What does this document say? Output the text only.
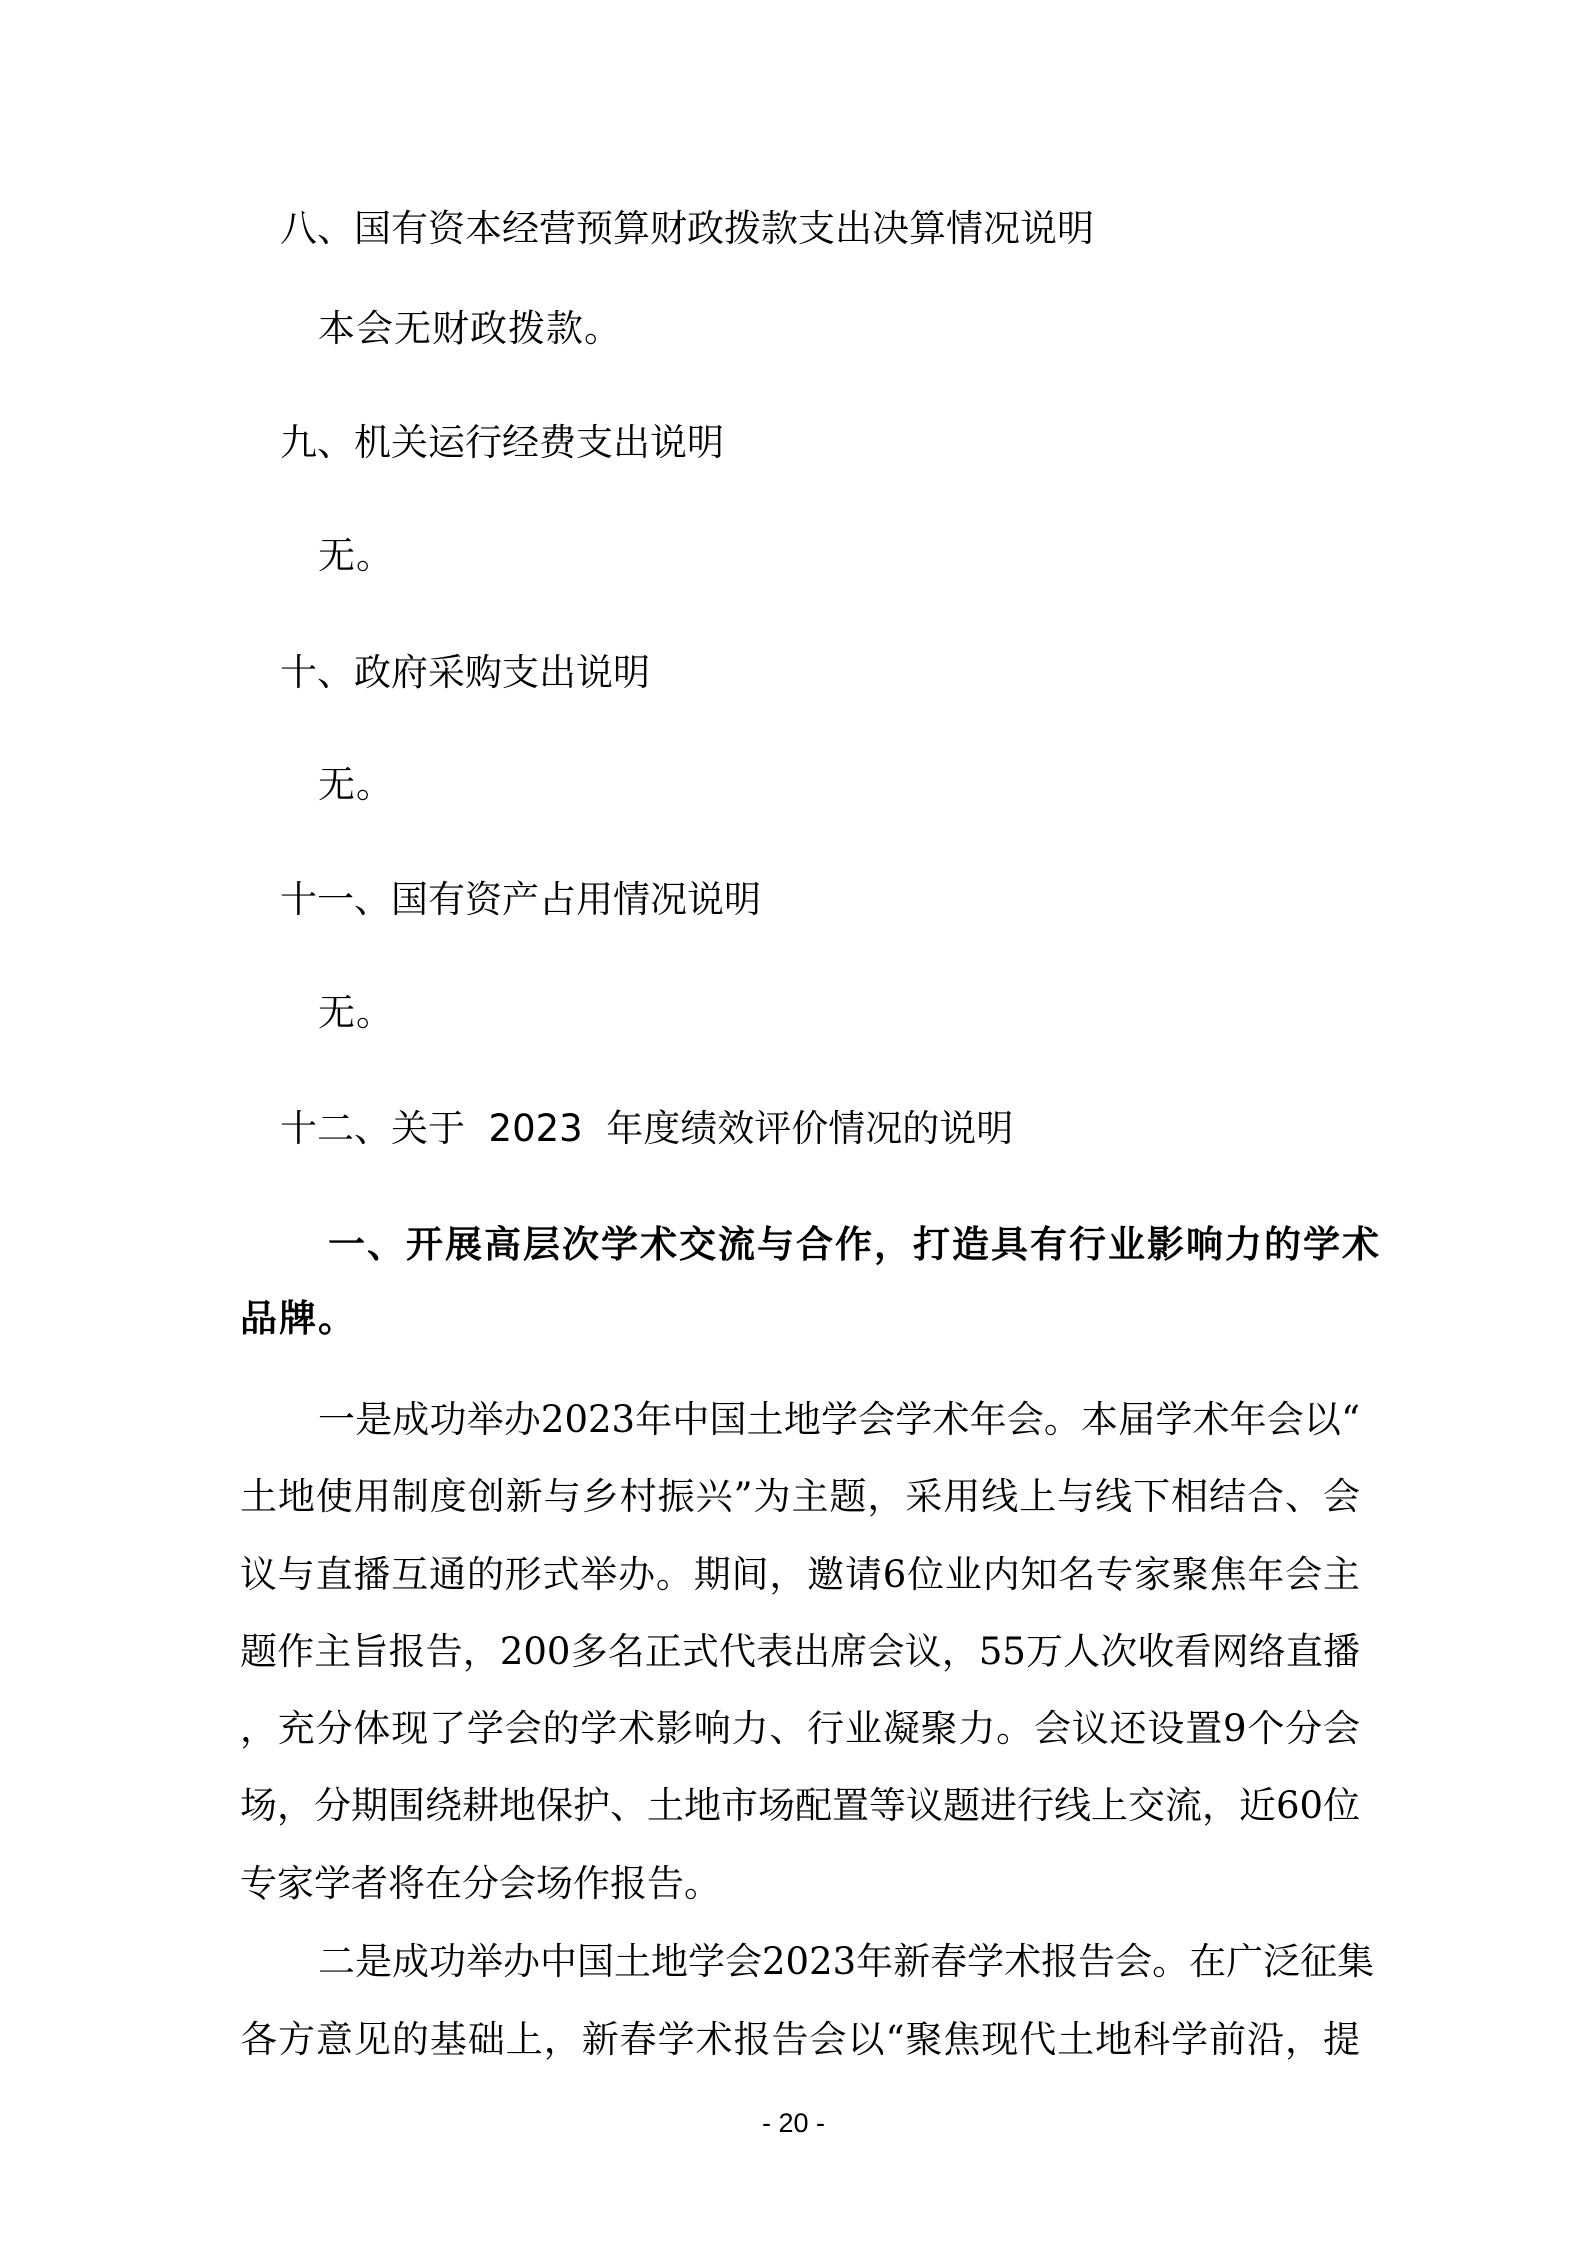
八、国有资本经营预算财政拨款支出决算情况说明

本会无财政拨款。

九、机关运行经费支出说明

无。

十、政府采购支出说明

无。

十一、国有资产占用情况说明

无。

十二、关于  2023  年度绩效评价情况的说明

一、开展高层次学术交流与合作，打造具有行业影响力的学术

品牌。

一是成功举办2023年中国土地学会学术年会。本届学术年会以“

土地使用制度创新与乡村振兴”为主题，采用线上与线下相结合、会

议与直播互通的形式举办。期间，邀请6位业内知名专家聚焦年会主

题作主旨报告，200多名正式代表出席会议，55万人次收看网络直播

，充分体现了学会的学术影响力、行业凝聚力。会议还设置9个分会

场，分期围绕耕地保护、土地市场配置等议题进行线上交流，近60位

专家学者将在分会场作报告。

二是成功举办中国土地学会2023年新春学术报告会。在广泛征集

各方意见的基础上，新春学术报告会以“聚焦现代土地科学前沿，提

- 20 -
